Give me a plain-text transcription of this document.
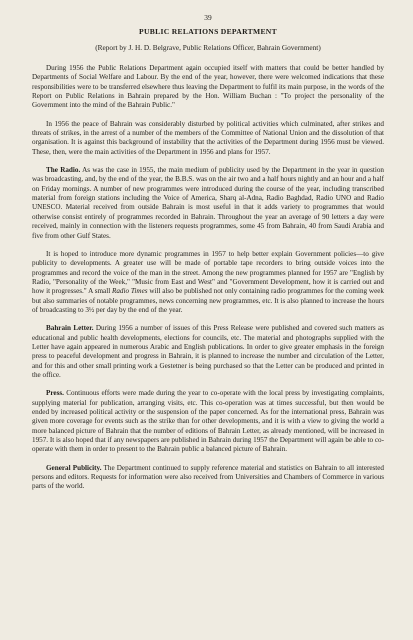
39
PUBLIC RELATIONS DEPARTMENT
(Report by J. H. D. Belgrave, Public Relations Officer, Bahrain Government)

During 1956 the Public Relations Department again occupied itself with matters that could be better handled by Departments of Social Welfare and Labour. By the end of the year, however, there were welcomed indications that these responsibilities were to be transferred elsewhere thus leaving the Department to fulfil its main purpose, in the words of the Report on Public Relations in Bahrain prepared by the Hon. William Buchan : "To project the personality of the Government into the mind of the Bahrain Public."

In 1956 the peace of Bahrain was considerably disturbed by political activities which culminated, after strikes and threats of strikes, in the arrest of a number of the members of the Committee of National Union and the dissolution of that organisation. It is against this background of instability that the activities of the Department during 1956 must be viewed. These, then, were the main activities of the Department in 1956 and plans for 1957.

The Radio. As was the case in 1955, the main medium of publicity used by the Department in the year in question was broadcasting, and, by the end of the year, the B.B.S. was on the air two and a half hours nightly and an hour and a half on Friday mornings. A number of new programmes were introduced during the course of the year, including transcribed material from foreign stations including the Voice of America, Sharq al-Adna, Radio Baghdad, Radio UNO and Radio UNESCO. Material received from outside Bahrain is most useful in that it adds variety to programmes that would otherwise consist entirely of programmes recorded in Bahrain. Throughout the year an average of 90 letters a day were received, mainly in connection with the listeners requests programmes, some 45 from Bahrain, 40 from Saudi Arabia and five from other Gulf States.

It is hoped to introduce more dynamic programmes in 1957 to help better explain Government policies—to give publicity to developments. A greater use will be made of portable tape recorders to bring outside voices into the programmes and record the voice of the man in the street. Among the new programmes planned for 1957 are "English by Radio, "Personality of the Week," "Music from East and West" and "Government Development, how it is carried out and how it progresses." A small Radio Times will also be published not only containing radio programmes for the coming week but also summaries of notable programmes, news concerning new programmes, etc. It is also planned to increase the hours of broadcasting to 3½ per day by the end of the year.

Bahrain Letter. During 1956 a number of issues of this Press Release were published and covered such matters as educational and public health developments, elections for councils, etc. The material and photographs supplied with the Letter have again appeared in numerous Arabic and English publications. In order to give greater emphasis in the foreign press to peaceful development and progress in Bahrain, it is planned to increase the number and circulation of the Letter, and for this and other small printing work a Gestetner is being purchased so that the Letter can be produced and printed in the office.

Press. Continuous efforts were made during the year to co-operate with the local press by investigating complaints, supplying material for publication, arranging visits, etc. This co-operation was at times successful, but then would be ended by increased political activity or the suspension of the paper concerned. As for the international press, Bahrain was given more coverage for events such as the strike than for other developments, and it is with a view to giving the world a more balanced picture of Bahrain that the number of editions of Bahrain Letter, as already mentioned, will be increased in 1957. It is also hoped that if any newspapers are published in Bahrain during 1957 the Department will again be able to co-operate with them in order to present to the Bahrain public a balanced picture of Bahrain.

General Publicity. The Department continued to supply reference material and statistics on Bahrain to all interested persons and editors. Requests for information were also received from Universities and Chambers of Commerce in various parts of the world.
